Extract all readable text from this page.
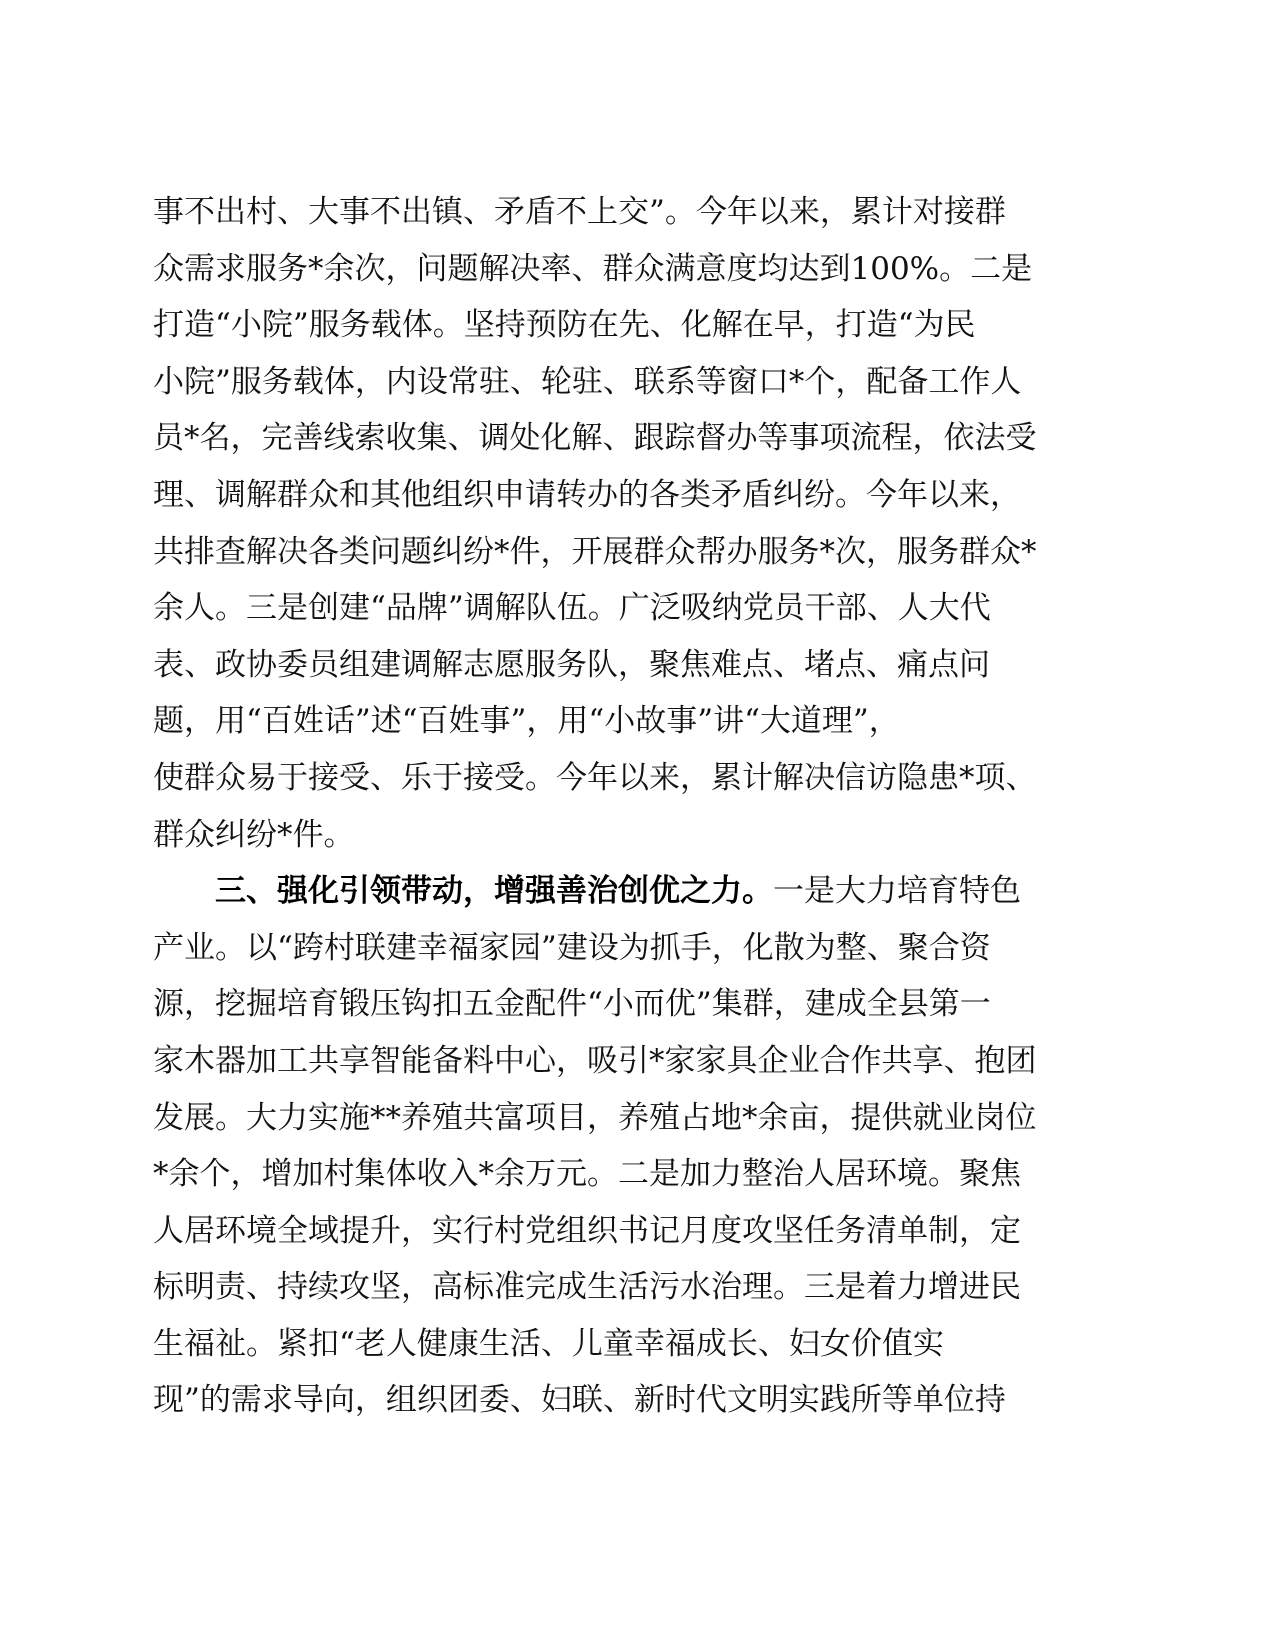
事不出村、大事不出镇、矛盾不上交”。今年以来，累计对接群
众需求服务*余次，问题解决率、群众满意度均达到100%。二是
打造“小院”服务载体。坚持预防在先、化解在早，打造“为民
小院”服务载体，内设常驻、轮驻、联系等窗口*个，配备工作人
员*名，完善线索收集、调处化解、跟踪督办等事项流程，依法受
理、调解群众和其他组织申请转办的各类矛盾纠纷。今年以来，
共排查解决各类问题纠纷*件，开展群众帮办服务*次，服务群众*
余人。三是创建“品牌”调解队伍。广泛吸纳党员干部、人大代
表、政协委员组建调解志愿服务队，聚焦难点、堵点、痛点问
题，用“百姓话”述“百姓事”，用“小故事”讲“大道理”，
使群众易于接受、乐于接受。今年以来，累计解决信访隐患*项、
群众纠纷*件。
　　三、强化引领带动，增强善治创优之力。一是大力培育特色
产业。以“跨村联建幸福家园”建设为抓手，化散为整、聚合资
源，挖掘培育锻压钩扣五金配件“小而优”集群，建成全县第一
家木器加工共享智能备料中心，吸引*家家具企业合作共享、抱团
发展。大力实施**养殖共富项目，养殖占地*余亩，提供就业岗位
*余个，增加村集体收入*余万元。二是加力整治人居环境。聚焦
人居环境全域提升，实行村党组织书记月度攻坚任务清单制，定
标明责、持续攻坚，高标准完成生活污水治理。三是着力增进民
生福祉。紧扣“老人健康生活、儿童幸福成长、妇女价值实
现”的需求导向，组织团委、妇联、新时代文明实践所等单位持
